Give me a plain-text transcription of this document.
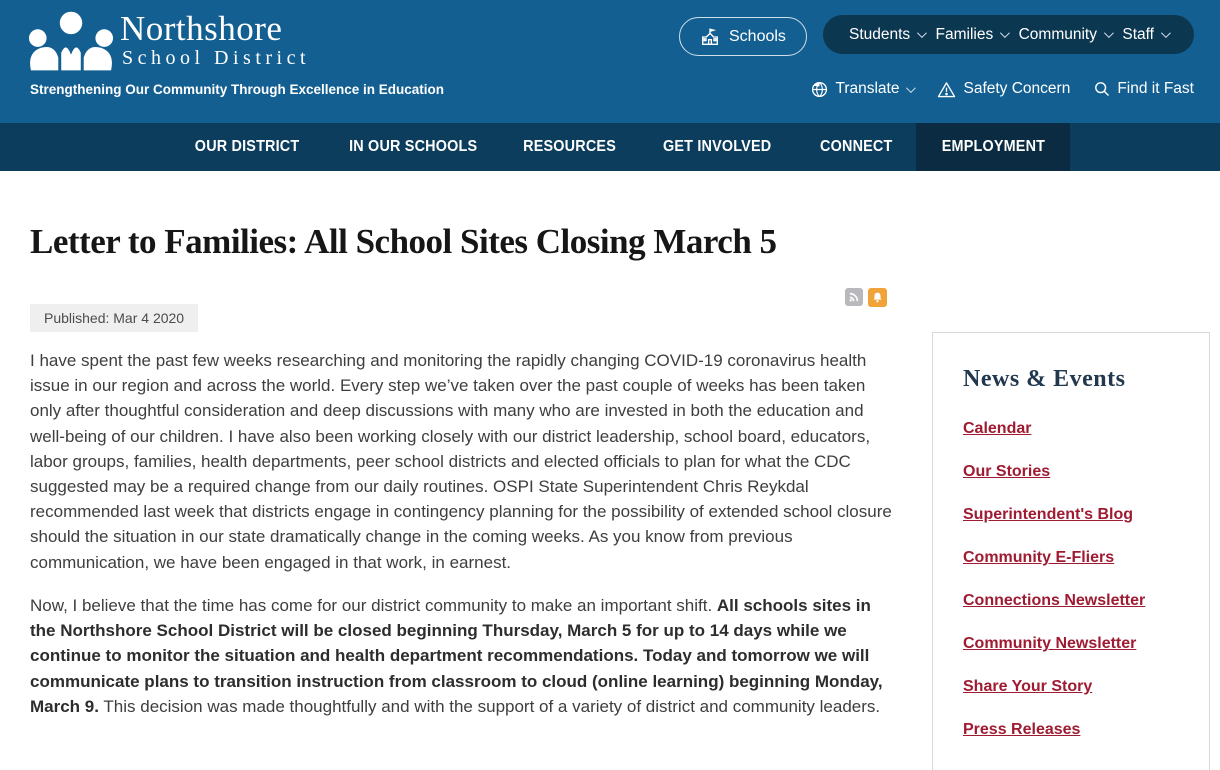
Northshore
School District
Strengthening Our Community Through Excellence in Education
Schools	Students Families Community Staff
Translate	Safety Concern	Find it Fast
OUR DISTRICT	IN OUR SCHOOLS	RESOURCES	GET INVOLVED	CONNECT	EMPLOYMENT
Letter to Families: All School Sites Closing March 5
Published: Mar 4 2020

I have spent the past few weeks researching and monitoring the rapidly changing COVID-19 coronavirus health issue in our region and across the world. Every step we’ve taken over the past couple of weeks has been taken only after thoughtful consideration and deep discussions with many who are invested in both the education and well-being of our children. I have also been working closely with our district leadership, school board, educators, labor groups, families, health departments, peer school districts and elected officials to plan for what the CDC suggested may be a required change from our daily routines. OSPI State Superintendent Chris Reykdal recommended last week that districts engage in contingency planning for the possibility of extended school closure should the situation in our state dramatically change in the coming weeks. As you know from previous communication, we have been engaged in that work, in earnest.

Now, I believe that the time has come for our district community to make an important shift. All schools sites in the Northshore School District will be closed beginning Thursday, March 5 for up to 14 days while we continue to monitor the situation and health department recommendations. Today and tomorrow we will communicate plans to transition instruction from classroom to cloud (online learning) beginning Monday, March 9. This decision was made thoughtfully and with the support of a variety of district and community leaders.

News & Events
Calendar
Our Stories
Superintendent's Blog
Community E-Fliers
Connections Newsletter
Community Newsletter
Share Your Story
Press Releases
